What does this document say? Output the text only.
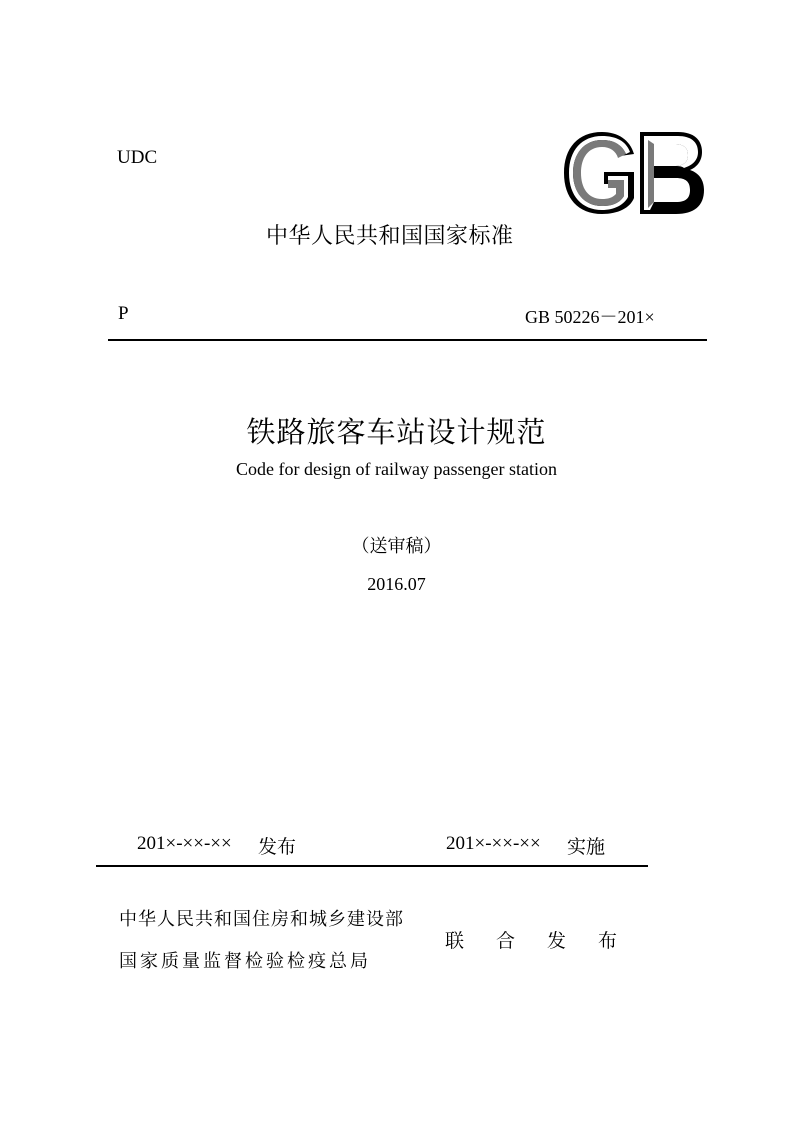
UDC
中华人民共和国国家标准
P	GB 50226－201×
铁路旅客车站设计规范
Code for design of railway passenger station
（送审稿）
2016.07
201×-××-×× 发布	201×-××-×× 实施
中华人民共和国住房和城乡建设部
国家质量监督检验检疫总局
联合发布
